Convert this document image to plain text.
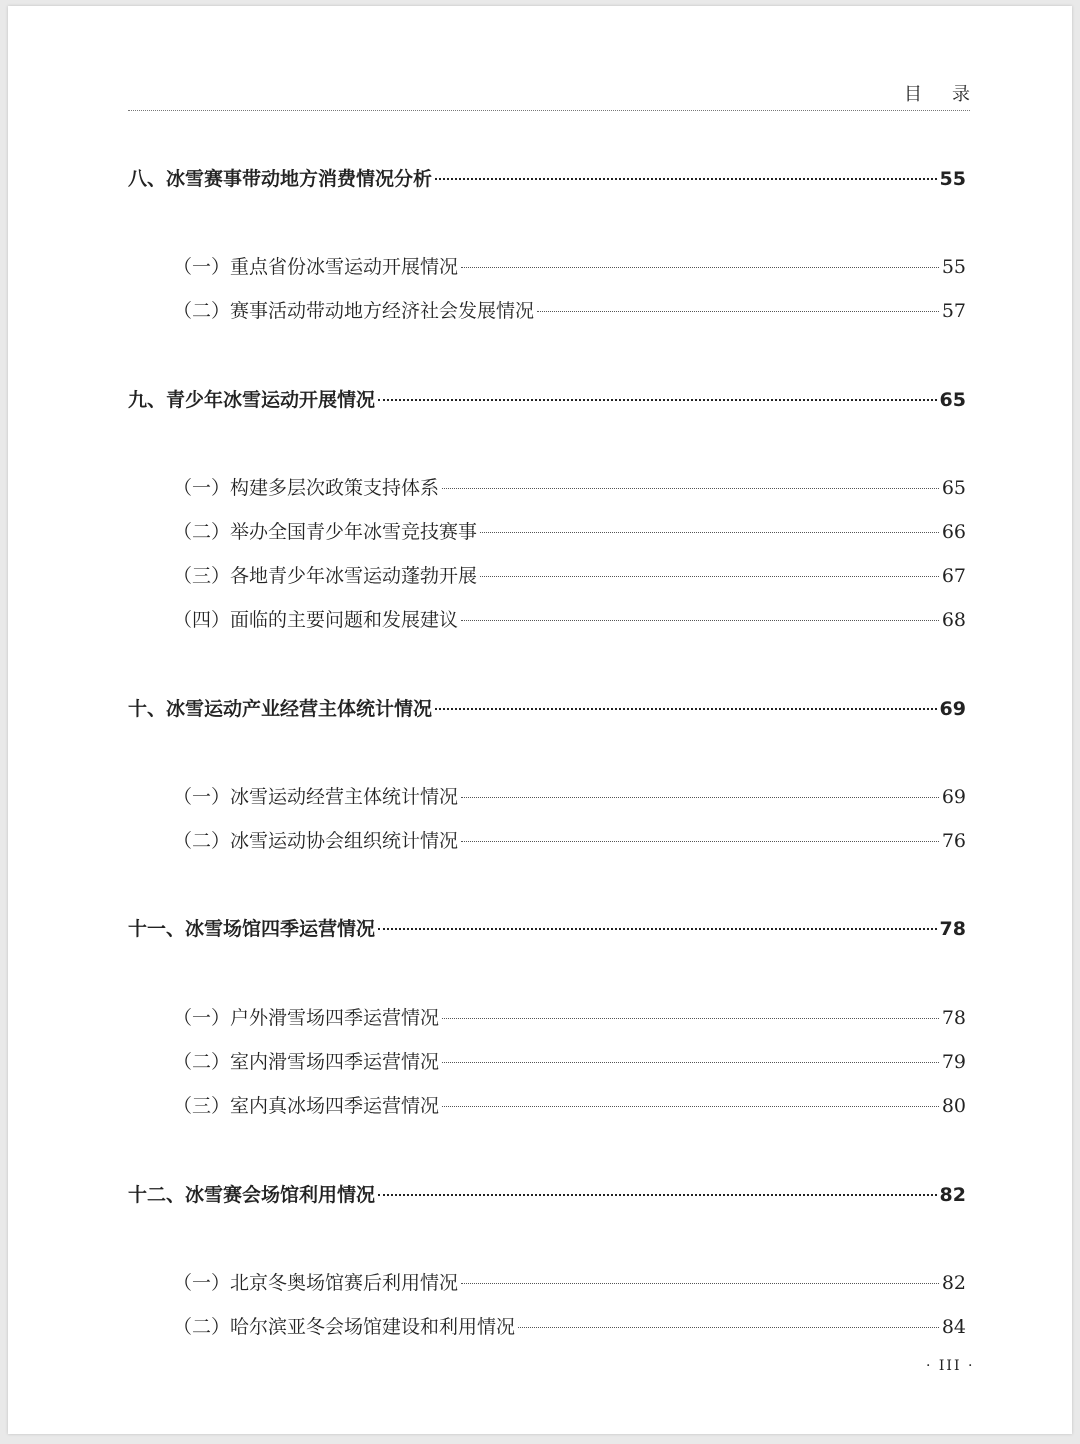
目录
八、冰雪赛事带动地方消费情况分析	55
（一）重点省份冰雪运动开展情况	55
（二）赛事活动带动地方经济社会发展情况	57
九、青少年冰雪运动开展情况	65
（一）构建多层次政策支持体系	65
（二）举办全国青少年冰雪竞技赛事	66
（三）各地青少年冰雪运动蓬勃开展	67
（四）面临的主要问题和发展建议	68
十、冰雪运动产业经营主体统计情况	69
（一）冰雪运动经营主体统计情况	69
（二）冰雪运动协会组织统计情况	76
十一、冰雪场馆四季运营情况	78
（一）户外滑雪场四季运营情况	78
（二）室内滑雪场四季运营情况	79
（三）室内真冰场四季运营情况	80
十二、冰雪赛会场馆利用情况	82
（一）北京冬奥场馆赛后利用情况	82
（二）哈尔滨亚冬会场馆建设和利用情况	84
· III ·
